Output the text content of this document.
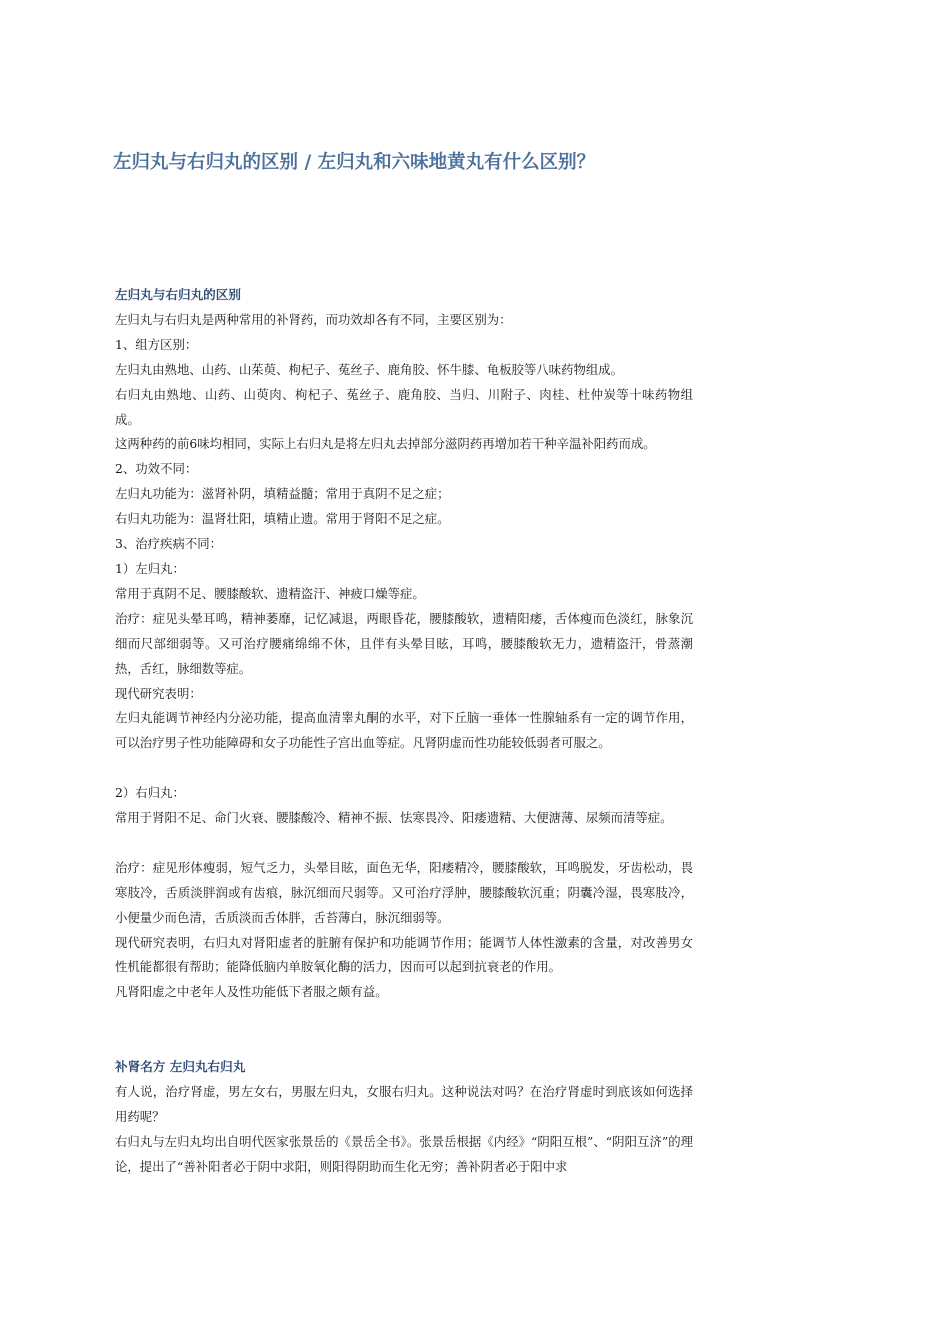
左归丸与右归丸的区别 / 左归丸和六味地黄丸有什么区别？

左归丸与右归丸的区别

左归丸与右归丸是两种常用的补肾药，而功效却各有不同，主要区别为：

1、组方区别：

左归丸由熟地、山药、山茱萸、枸杞子、菟丝子、鹿角胶、怀牛膝、龟板胶等八味药物组成。

右归丸由熟地、山药、山萸肉、枸杞子、菟丝子、鹿角胶、当归、川附子、肉桂、杜仲炭等十味药物组成。

这两种药的前6味均相同，实际上右归丸是将左归丸去掉部分滋阴药再增加若干种辛温补阳药而成。

2、功效不同：

左归丸功能为：滋肾补阴，填精益髓；常用于真阴不足之症；

右归丸功能为：温肾壮阳，填精止遗。常用于肾阳不足之症。

3、治疗疾病不同：

1）左归丸：

常用于真阴不足、腰膝酸软、遗精盗汗、神疲口燥等症。

治疗：症见头晕耳鸣，精神萎靡，记忆减退，两眼昏花，腰膝酸软，遗精阳痿，舌体瘦而色淡红，脉象沉细而尺部细弱等。又可治疗腰痛绵绵不休，且伴有头晕目眩，耳鸣，腰膝酸软无力，遗精盗汗，骨蒸潮热，舌红，脉细数等症。

现代研究表明：

左归丸能调节神经内分泌功能，提高血清睾丸酮的水平，对下丘脑一垂体一性腺轴系有一定的调节作用，可以治疗男子性功能障碍和女子功能性子宫出血等症。凡肾阴虚而性功能较低弱者可服之。

2）右归丸：

常用于肾阳不足、命门火衰、腰膝酸冷、精神不振、怯寒畏冷、阳痿遗精、大便溏薄、尿频而清等症。

治疗：症见形体瘦弱，短气乏力，头晕目眩，面色无华，阳痿精冷，腰膝酸软，耳鸣脱发，牙齿松动，畏寒肢冷，舌质淡胖润或有齿痕，脉沉细而尺弱等。又可治疗浮肿，腰膝酸软沉重；阴囊冷湿，畏寒肢冷，小便量少而色清，舌质淡而舌体胖，舌苔薄白，脉沉细弱等。

现代研究表明，右归丸对肾阳虚者的脏腑有保护和功能调节作用；能调节人体性激素的含量，对改善男女性机能都很有帮助；能降低脑内单胺氧化酶的活力，因而可以起到抗衰老的作用。

凡肾阳虚之中老年人及性功能低下者服之颇有益。

补肾名方 左归丸右归丸

有人说，治疗肾虚，男左女右，男服左归丸，女服右归丸。这种说法对吗？在治疗肾虚时到底该如何选择用药呢？

右归丸与左归丸均出自明代医家张景岳的《景岳全书》。张景岳根据《内经》“阴阳互根”、“阴阳互济”的理论，提出了“善补阳者必于阴中求阳，则阳得阴助而生化无穷；善补阴者必于阳中求
